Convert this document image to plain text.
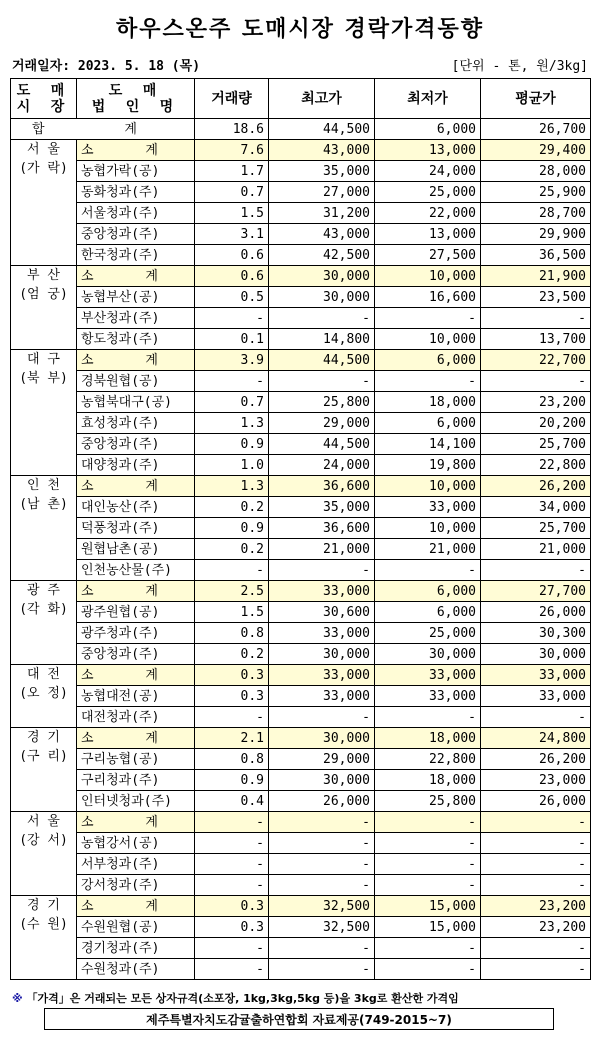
하우스온주 도매시장 경락가격동향
거래일자: 2023. 5. 18 (목)	[단위 - 톤, 원/3kg]
도 매
시 장	도 매
법 인 명	거래량	최고가	최저가	평균가
합 계		18.6	44,500	6,000	26,700
서 울
(가 락)	소 계	7.6	43,000	13,000	29,400
	농협가락(공)	1.7	35,000	24,000	28,000
	동화청과(주)	0.7	27,000	25,000	25,900
	서울청과(주)	1.5	31,200	22,000	28,700
	중앙청과(주)	3.1	43,000	13,000	29,900
	한국청과(주)	0.6	42,500	27,500	36,500
부 산
(엄 궁)	소 계	0.6	30,000	10,000	21,900
	농협부산(공)	0.5	30,000	16,600	23,500
	부산청과(주)	-	-	-	-
	항도청과(주)	0.1	14,800	10,000	13,700
대 구
(북 부)	소 계	3.9	44,500	6,000	22,700
	경북원협(공)	-	-	-	-
	농협북대구(공)	0.7	25,800	18,000	23,200
	효성청과(주)	1.3	29,000	6,000	20,200
	중앙청과(주)	0.9	44,500	14,100	25,700
	대양청과(주)	1.0	24,000	19,800	22,800
인 천
(남 촌)	소 계	1.3	36,600	10,000	26,200
	대인농산(주)	0.2	35,000	33,000	34,000
	덕풍청과(주)	0.9	36,600	10,000	25,700
	원협남촌(공)	0.2	21,000	21,000	21,000
	인천농산물(주)	-	-	-	-
광 주
(각 화)	소 계	2.5	33,000	6,000	27,700
	광주원협(공)	1.5	30,600	6,000	26,000
	광주청과(주)	0.8	33,000	25,000	30,300
	중앙청과(주)	0.2	30,000	30,000	30,000
대 전
(오 정)	소 계	0.3	33,000	33,000	33,000
	농협대전(공)	0.3	33,000	33,000	33,000
	대전청과(주)	-	-	-	-
경 기
(구 리)	소 계	2.1	30,000	18,000	24,800
	구리농협(공)	0.8	29,000	22,800	26,200
	구리청과(주)	0.9	30,000	18,000	23,000
	인터넷청과(주)	0.4	26,000	25,800	26,000
서 울
(강 서)	소 계	-	-	-	-
	농협강서(공)	-	-	-	-
	서부청과(주)	-	-	-	-
	강서청과(주)	-	-	-	-
경 기
(수 원)	소 계	0.3	32,500	15,000	23,200
	수원원협(공)	0.3	32,500	15,000	23,200
	경기청과(주)	-	-	-	-
	수원청과(주)	-	-	-	-
※ 「가격」은 거래되는 모든 상자규격(소포장, 1kg,3kg,5kg 등)을 3kg로 환산한 가격임
제주특별자치도감귤출하연합회 자료제공(749-2015~7)
